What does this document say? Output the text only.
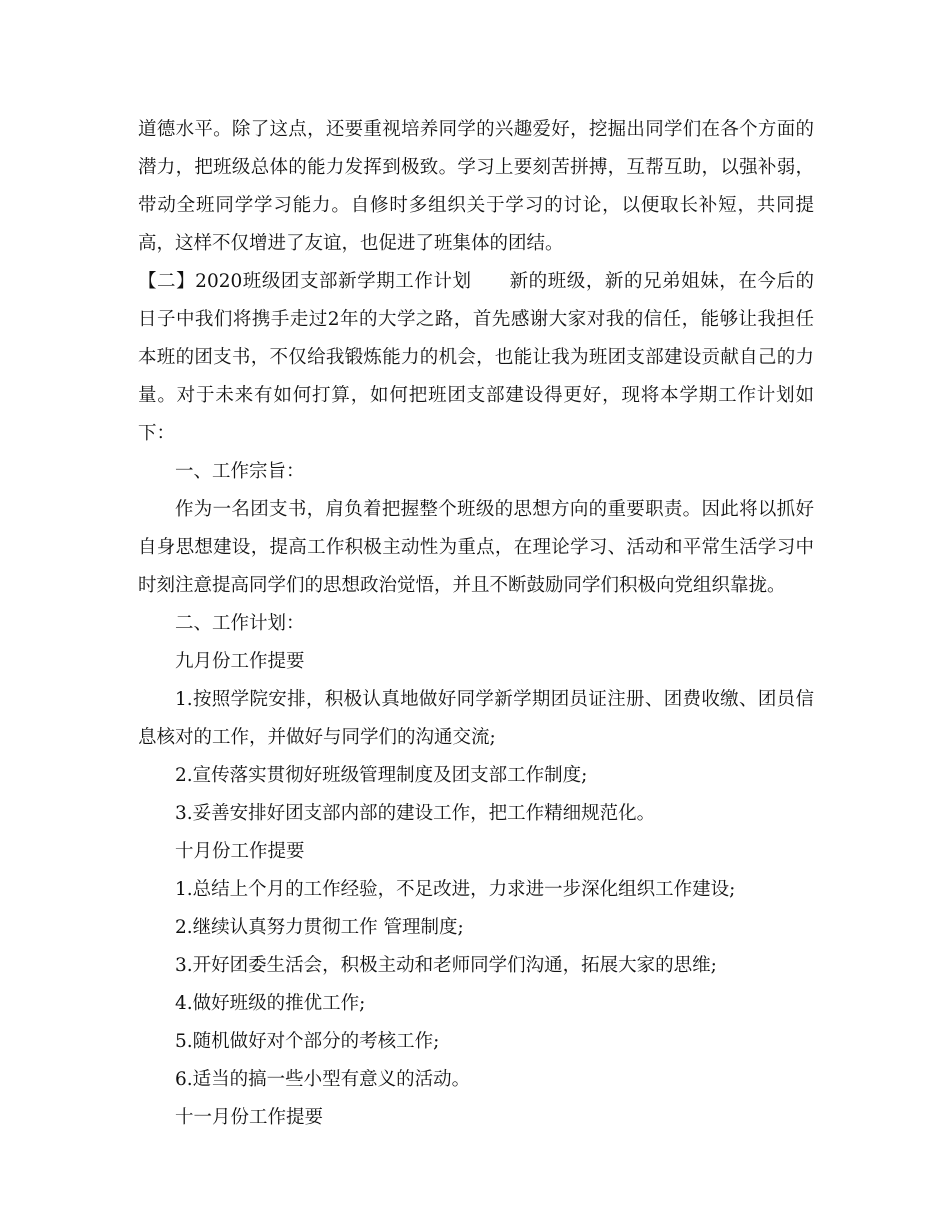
道德水平。除了这点，还要重视培养同学的兴趣爱好，挖掘出同学们在各个方面的潜力，把班级总体的能力发挥到极致。学习上要刻苦拼搏，互帮互助，以强补弱，带动全班同学学习能力。自修时多组织关于学习的讨论，以便取长补短，共同提高，这样不仅增进了友谊，也促进了班集体的团结。

【二】2020班级团支部新学期工作计划　　新的班级，新的兄弟姐妹，在今后的日子中我们将携手走过2年的大学之路，首先感谢大家对我的信任，能够让我担任本班的团支书，不仅给我锻炼能力的机会，也能让我为班团支部建设贡献自己的力量。对于未来有如何打算，如何把班团支部建设得更好，现将本学期工作计划如下：

一、工作宗旨：

作为一名团支书，肩负着把握整个班级的思想方向的重要职责。因此将以抓好自身思想建设，提高工作积极主动性为重点，在理论学习、活动和平常生活学习中时刻注意提高同学们的思想政治觉悟，并且不断鼓励同学们积极向党组织靠拢。

二、工作计划：

九月份工作提要

1.按照学院安排，积极认真地做好同学新学期团员证注册、团费收缴、团员信息核对的工作，并做好与同学们的沟通交流;

2.宣传落实贯彻好班级管理制度及团支部工作制度;

3.妥善安排好团支部内部的建设工作，把工作精细规范化。

十月份工作提要

1.总结上个月的工作经验，不足改进，力求进一步深化组织工作建设;

2.继续认真努力贯彻工作 管理制度;

3.开好团委生活会，积极主动和老师同学们沟通，拓展大家的思维;

4.做好班级的推优工作;

5.随机做好对个部分的考核工作;

6.适当的搞一些小型有意义的活动。

十一月份工作提要
